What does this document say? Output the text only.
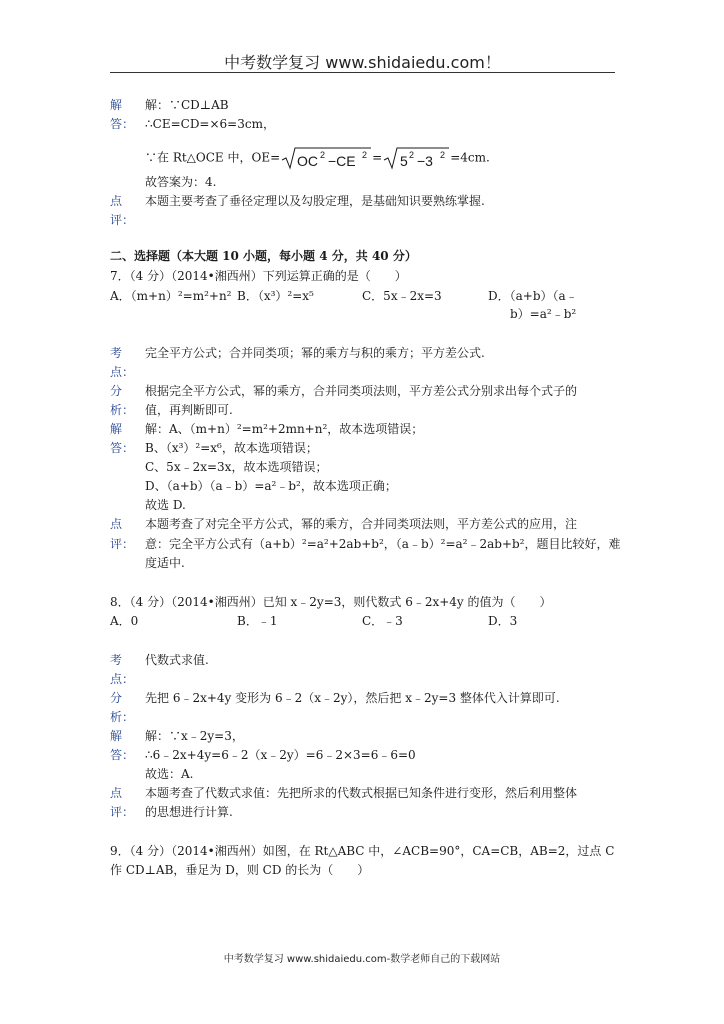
中考数学复习 www.shidaiedu.com！
解
答：
解：∵CD⊥AB
∴CE=CD=×6=3cm，
∵在 Rt△OCE 中，OE= OC 2 −CE 2 = 5 2 −3 2 =4cm.
故答案为：4.
点
评：
本题主要考查了垂径定理以及勾股定理，是基础知识要熟练掌握.
二、选择题（本大题 10 小题，每小题 4 分，共 40 分）
7．（4 分）（2014•湘西州）下列运算正确的是（　　）
A．（m+n）²=m²+n² B．（x³）²=x⁵	C．5x﹣2x=3	D．（a+b）（a﹣
b）=a²﹣b²
考
点：
完全平方公式；合并同类项；幂的乘方与积的乘方；平方差公式.
分
析：
根据完全平方公式，幂的乘方，合并同类项法则，平方差公式分别求出每个式子的
值，再判断即可.
解
答：
解：A、（m+n）²=m²+2mn+n²，故本选项错误；
B、（x³）²=x⁶，故本选项错误；
C、5x﹣2x=3x，故本选项错误；
D、（a+b）（a﹣b）=a²﹣b²，故本选项正确；
故选 D.
点
评：
本题考查了对完全平方公式，幂的乘方，合并同类项法则，平方差公式的应用，注
意：完全平方公式有（a+b）²=a²+2ab+b²，（a﹣b）²=a²﹣2ab+b²，题目比较好，难
度适中.
8．（4 分）（2014•湘西州）已知 x﹣2y=3，则代数式 6﹣2x+4y 的值为（　　）
A．0	B．﹣1	C．﹣3	D．3
考
点：
代数式求值.
分
析：
先把 6﹣2x+4y 变形为 6﹣2（x﹣2y），然后把 x﹣2y=3 整体代入计算即可.
解
答：
解：∵x﹣2y=3，
∴6﹣2x+4y=6﹣2（x﹣2y）=6﹣2×3=6﹣6=0
故选：A.
点
评：
本题考查了代数式求值：先把所求的代数式根据已知条件进行变形，然后利用整体
的思想进行计算.
9．（4 分）（2014•湘西州）如图，在 Rt△ABC 中，∠ACB=90°，CA=CB，AB=2，过点 C
作 CD⊥AB，垂足为 D，则 CD 的长为（　　）
中考数学复习 www.shidaiedu.com-数学老师自己的下载网站
